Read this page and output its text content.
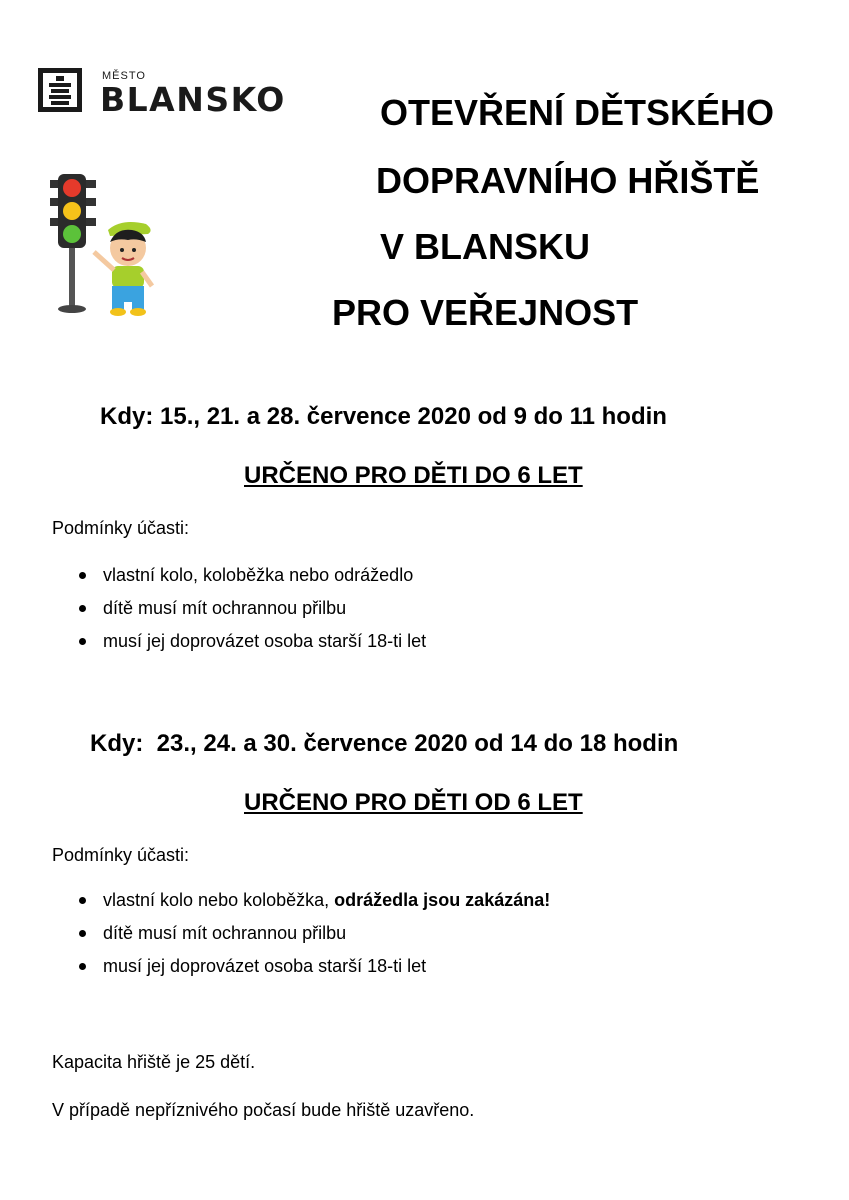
MĚSTO
BLANSKO	OTEVŘENÍ DĚTSKÉHO
DOPRAVNÍHO HŘIŠTĚ
V BLANSKU
PRO VEŘEJNOST
Kdy: 15., 21. a 28. července 2020 od 9 do 11 hodin
URČENO PRO DĚTI DO 6 LET
Podmínky účasti:
vlastní kolo, koloběžka nebo odrážedlo
dítě musí mít ochrannou přilbu
musí jej doprovázet osoba starší 18-ti let
Kdy:  23., 24. a 30. července 2020 od 14 do 18 hodin
URČENO PRO DĚTI OD 6 LET
Podmínky účasti:
vlastní kolo nebo koloběžka, odrážedla jsou zakázána!
dítě musí mít ochrannou přilbu
musí jej doprovázet osoba starší 18-ti let
Kapacita hřiště je 25 dětí.
V případě nepříznivého počasí bude hřiště uzavřeno.
